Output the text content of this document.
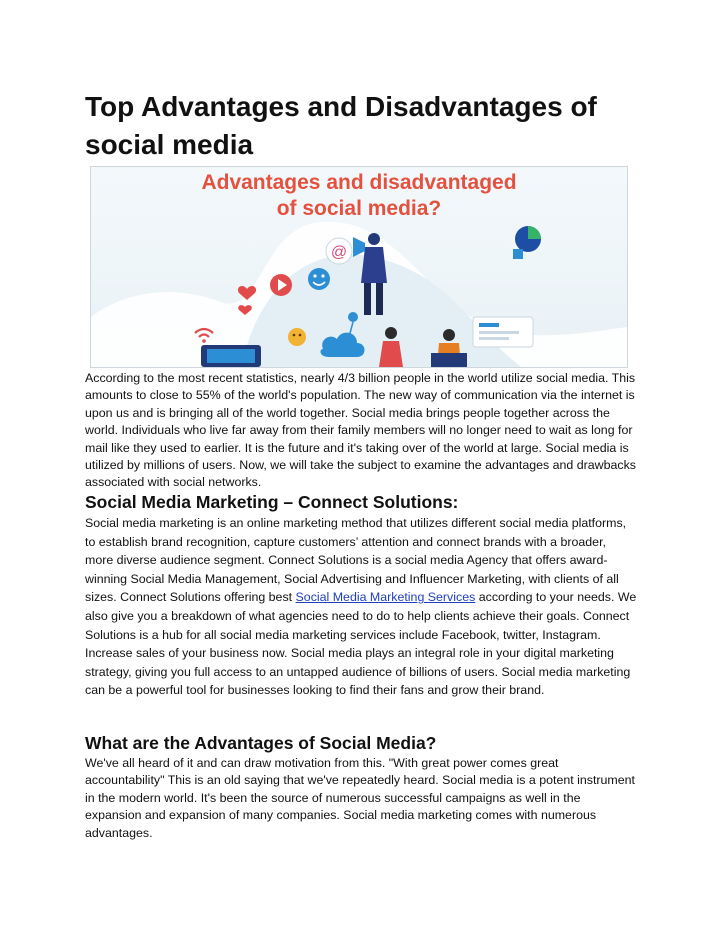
Top Advantages and Disadvantages of social media
Advantages and disadvantaged
of social media?
@

According to the most recent statistics, nearly 4/3 billion people in the world utilize social media. This amounts to close to 55% of the world's population. The new way of communication via the internet is upon us and is bringing all of the world together. Social media brings people together across the world. Individuals who live far away from their family members will no longer need to wait as long for mail like they used to earlier. It is the future and it's taking over of the world at large. Social media is utilized by millions of users. Now, we will take the subject to examine the advantages and drawbacks associated with social networks.

Social Media Marketing – Connect Solutions:

Social media marketing is an online marketing method that utilizes different social media platforms, to establish brand recognition, capture customers’ attention and connect brands with a broader, more diverse audience segment. Connect Solutions is a social media Agency that offers award-winning Social Media Management, Social Advertising and Influencer Marketing, with clients of all sizes. Connect Solutions offering best Social Media Marketing Services according to your needs. We also give you a breakdown of what agencies need to do to help clients achieve their goals. Connect Solutions is a hub for all social media marketing services include Facebook, twitter, Instagram. Increase sales of your business now. Social media plays an integral role in your digital marketing strategy, giving you full access to an untapped audience of billions of users. Social media marketing can be a powerful tool for businesses looking to find their fans and grow their brand.

What are the Advantages of Social Media?

We've all heard of it and can draw motivation from this. "With great power comes great accountability" This is an old saying that we've repeatedly heard. Social media is a potent instrument in the modern world. It's been the source of numerous successful campaigns as well in the expansion and expansion of many companies. Social media marketing comes with numerous advantages.
